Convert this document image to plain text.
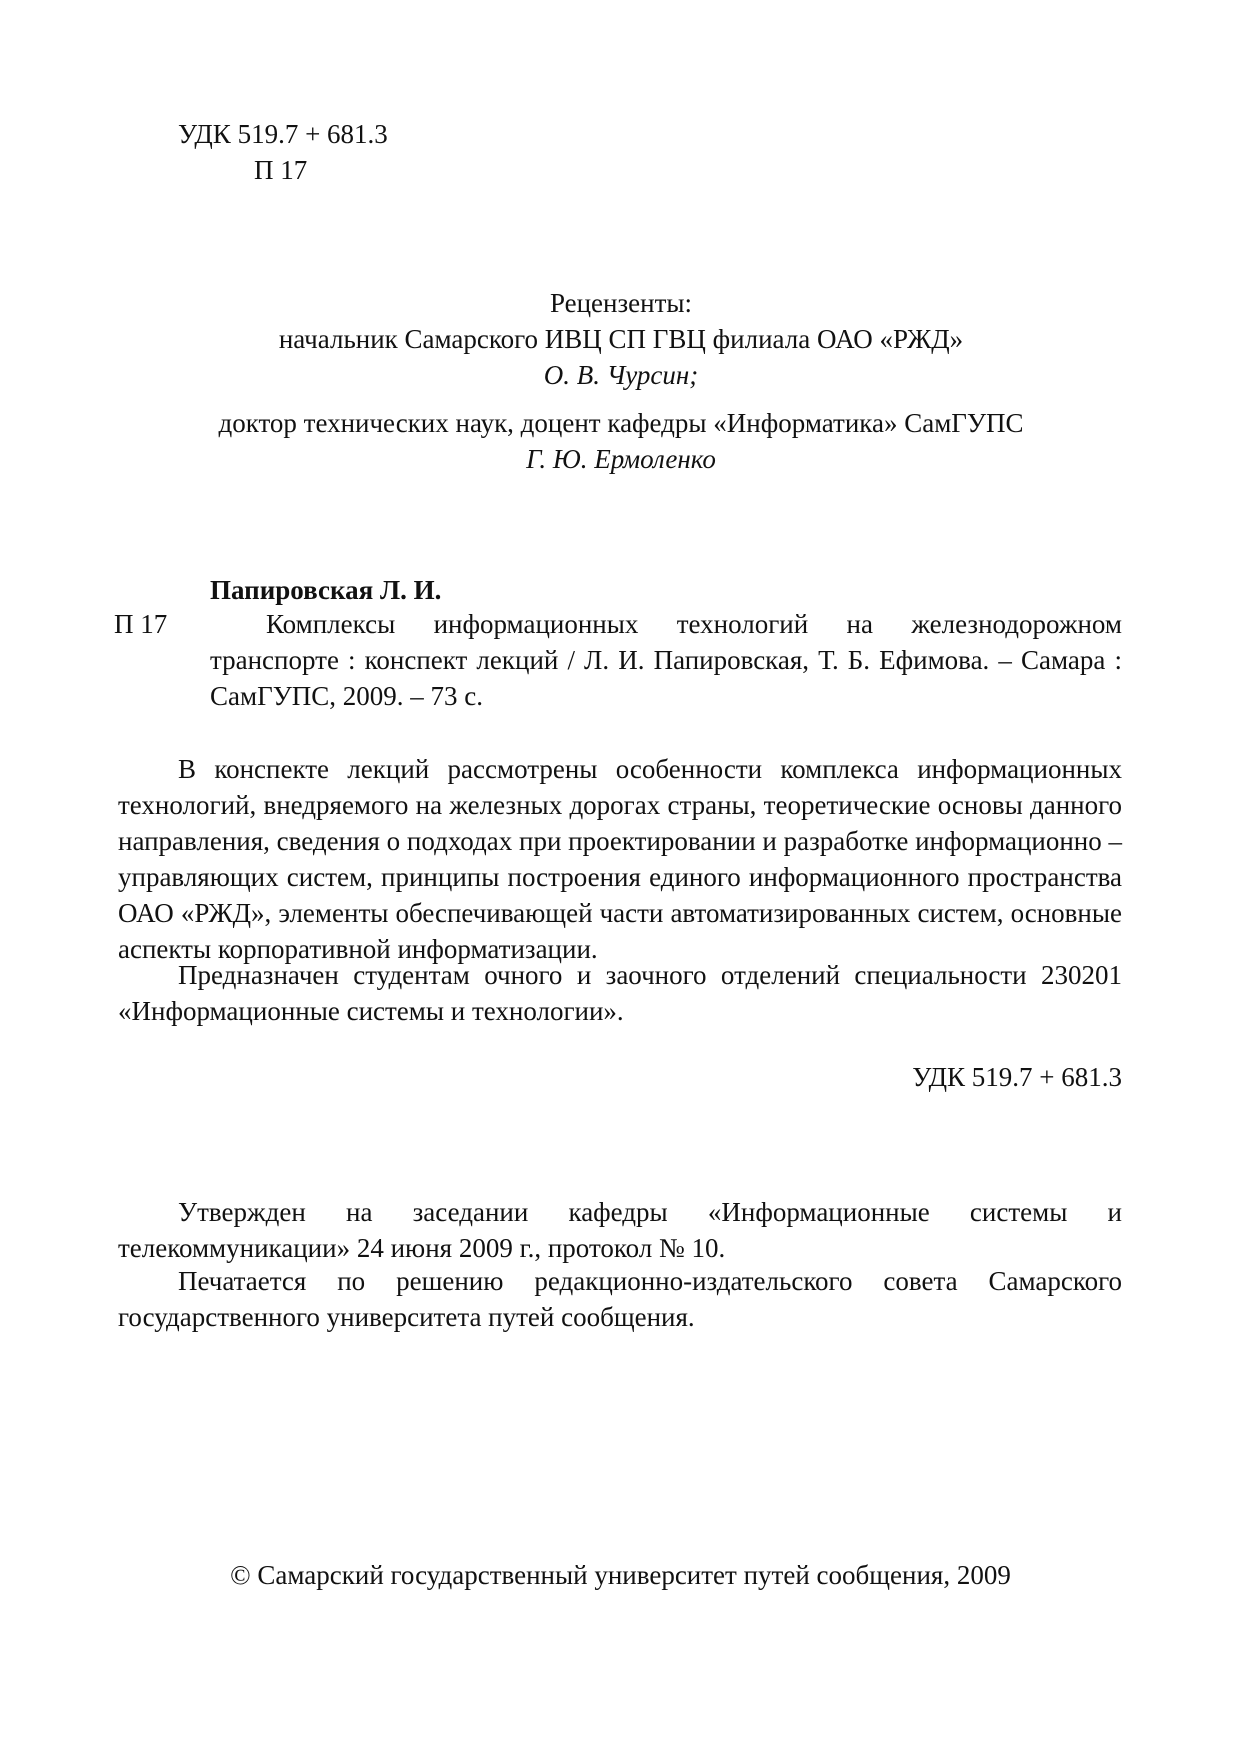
УДК 519.7 + 681.3
П 17
Рецензенты:
начальник Самарского ИВЦ СП ГВЦ филиала ОАО «РЖД»
О. В. Чурсин;
доктор технических наук, доцент кафедры «Информатика» СамГУПС
Г. Ю. Ермоленко
Папировская Л. И.
П 17	Комплексы информационных технологий на железнодорожном транспорте : конспект лекций / Л. И. Папировская, Т. Б. Ефимова. – Самара : СамГУПС, 2009. – 73 с.
В конспекте лекций рассмотрены особенности комплекса информационных технологий, внедряемого на железных дорогах страны, теоретические основы данного направления, сведения о подходах при проектировании и разработке информационно – управляющих систем, принципы построения единого информационного пространства ОАО «РЖД», элементы обеспечивающей части автоматизированных систем, основные аспекты корпоративной информатизации.
Предназначен студентам очного и заочного отделений специальности 230201 «Информационные системы и технологии».
УДК 519.7 + 681.3
Утвержден на заседании кафедры «Информационные системы и телекоммуникации» 24 июня 2009 г., протокол № 10.
Печатается по решению редакционно-издательского совета Самарского государственного университета путей сообщения.
© Самарский государственный университет путей сообщения, 2009
